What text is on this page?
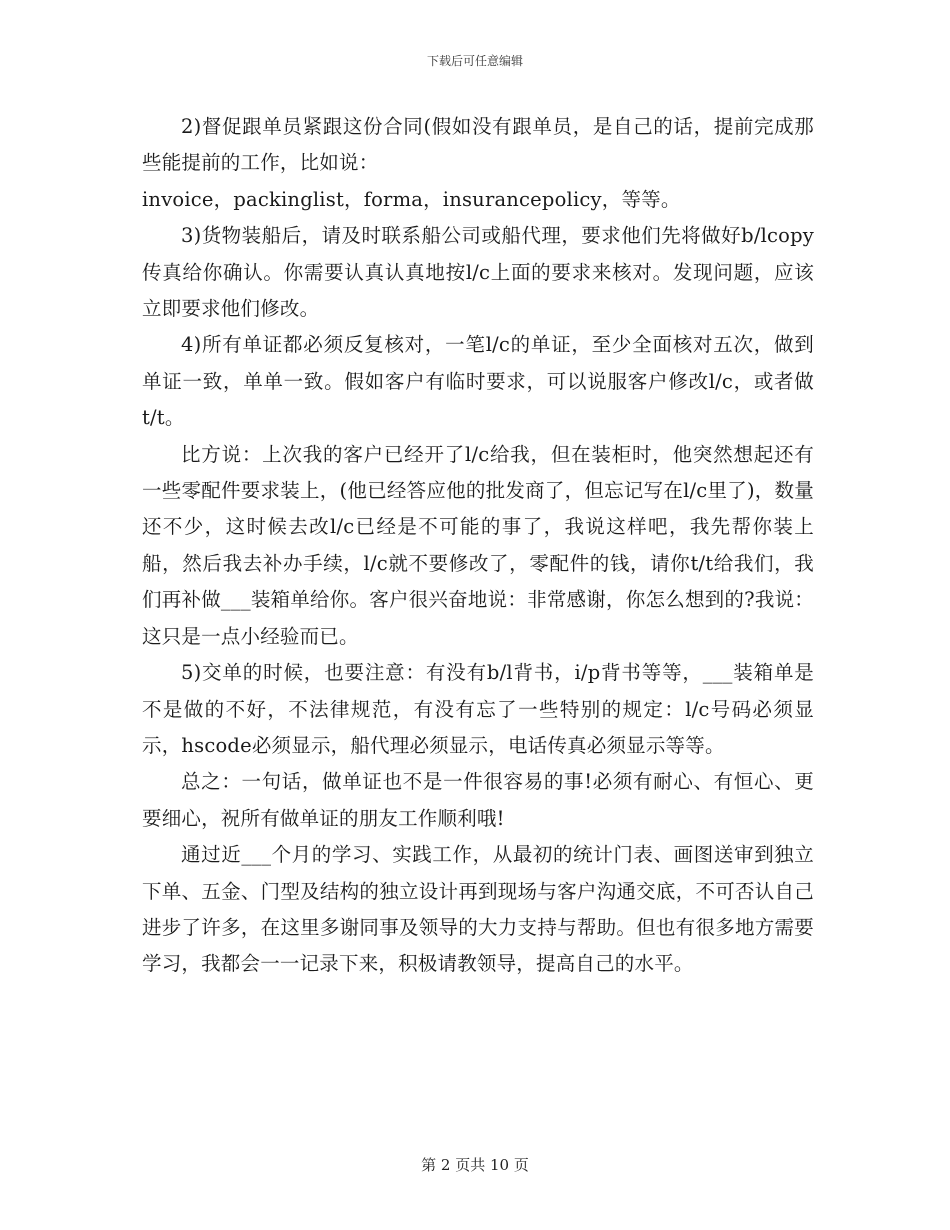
下载后可任意编辑

2)督促跟单员紧跟这份合同(假如没有跟单员，是自己的话，提前完成那些能提前的工作，比如说：

invoice，packinglist，forma，insurancepolicy，等等。

3)货物装船后，请及时联系船公司或船代理，要求他们先将做好b/lcopy传真给你确认。你需要认真认真地按l/c上面的要求来核对。发现问题，应该立即要求他们修改。

4)所有单证都必须反复核对，一笔l/c的单证，至少全面核对五次，做到单证一致，单单一致。假如客户有临时要求，可以说服客户修改l/c，或者做t/t。

比方说：上次我的客户已经开了l/c给我，但在装柜时，他突然想起还有一些零配件要求装上，(他已经答应他的批发商了，但忘记写在l/c里了)，数量还不少，这时候去改l/c已经是不可能的事了，我说这样吧，我先帮你装上船，然后我去补办手续，l/c就不要修改了，零配件的钱，请你t/t给我们，我们再补做___装箱单给你。客户很兴奋地说：非常感谢，你怎么想到的?我说：这只是一点小经验而已。

5)交单的时候，也要注意：有没有b/l背书，i/p背书等等，___装箱单是不是做的不好，不法律规范，有没有忘了一些特别的规定：l/c号码必须显示，hscode必须显示，船代理必须显示，电话传真必须显示等等。

总之：一句话，做单证也不是一件很容易的事!必须有耐心、有恒心、更要细心，祝所有做单证的朋友工作顺利哦!

通过近___个月的学习、实践工作，从最初的统计门表、画图送审到独立下单、五金、门型及结构的独立设计再到现场与客户沟通交底，不可否认自己进步了许多，在这里多谢同事及领导的大力支持与帮助。但也有很多地方需要学习，我都会一一记录下来，积极请教领导，提高自己的水平。

第 2 页共 10 页
